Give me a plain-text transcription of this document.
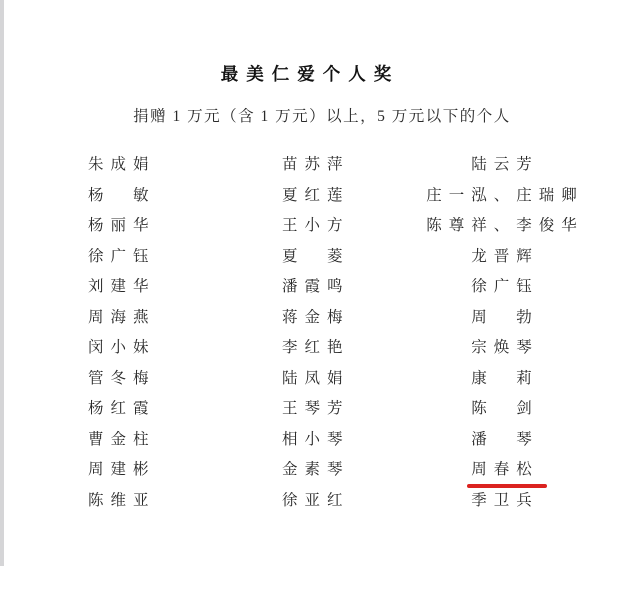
最美仁爱个人奖
捐赠 1 万元（含 1 万元）以上，5 万元以下的个人
朱成娟
杨　敏
杨丽华
徐广钰
刘建华
周海燕
闵小妹
管冬梅
杨红霞
曹金柱
周建彬
陈维亚
苗苏萍
夏红莲
王小方
夏　菱
潘霞鸣
蒋金梅
李红艳
陆凤娟
王琴芳
相小琴
金素琴
徐亚红
陆云芳
庄一泓、庄瑞卿
陈尊祥、李俊华
龙晋辉
徐广钰
周　勃
宗焕琴
康　莉
陈　剑
潘　琴
周春松
季卫兵
